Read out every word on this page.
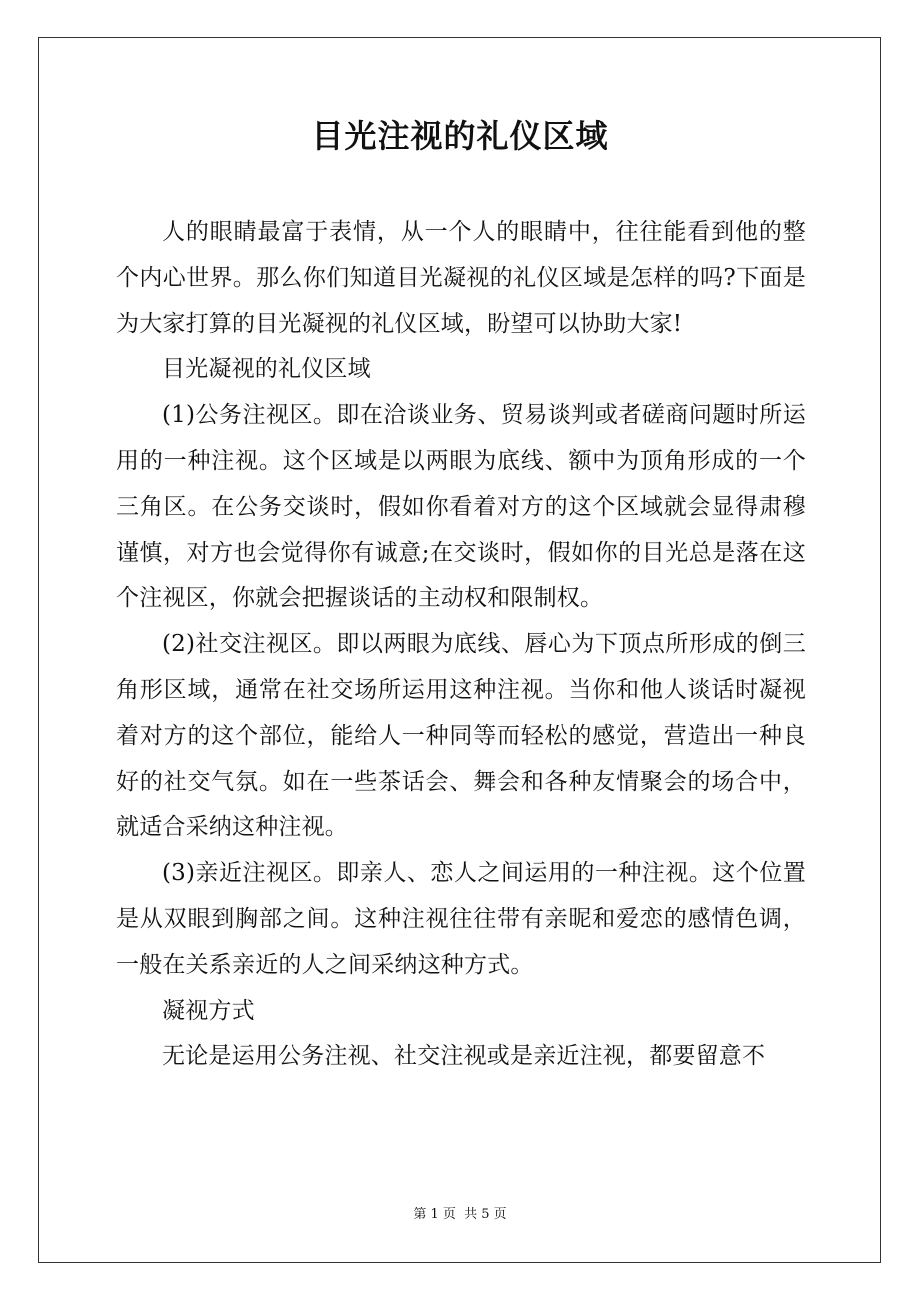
目光注视的礼仪区域

人的眼睛最富于表情，从一个人的眼睛中，往往能看到他的整个内心世界。那么你们知道目光凝视的礼仪区域是怎样的吗?下面是为大家打算的目光凝视的礼仪区域，盼望可以协助大家!

目光凝视的礼仪区域

(1)公务注视区。即在洽谈业务、贸易谈判或者磋商问题时所运用的一种注视。这个区域是以两眼为底线、额中为顶角形成的一个三角区。在公务交谈时，假如你看着对方的这个区域就会显得肃穆谨慎，对方也会觉得你有诚意;在交谈时，假如你的目光总是落在这个注视区，你就会把握谈话的主动权和限制权。

(2)社交注视区。即以两眼为底线、唇心为下顶点所形成的倒三角形区域，通常在社交场所运用这种注视。当你和他人谈话时凝视着对方的这个部位，能给人一种同等而轻松的感觉，营造出一种良好的社交气氛。如在一些茶话会、舞会和各种友情聚会的场合中，就适合采纳这种注视。

(3)亲近注视区。即亲人、恋人之间运用的一种注视。这个位置是从双眼到胸部之间。这种注视往往带有亲昵和爱恋的感情色调，一般在关系亲近的人之间采纳这种方式。

凝视方式

无论是运用公务注视、社交注视或是亲近注视，都要留意不

第 1 页 共 5 页
